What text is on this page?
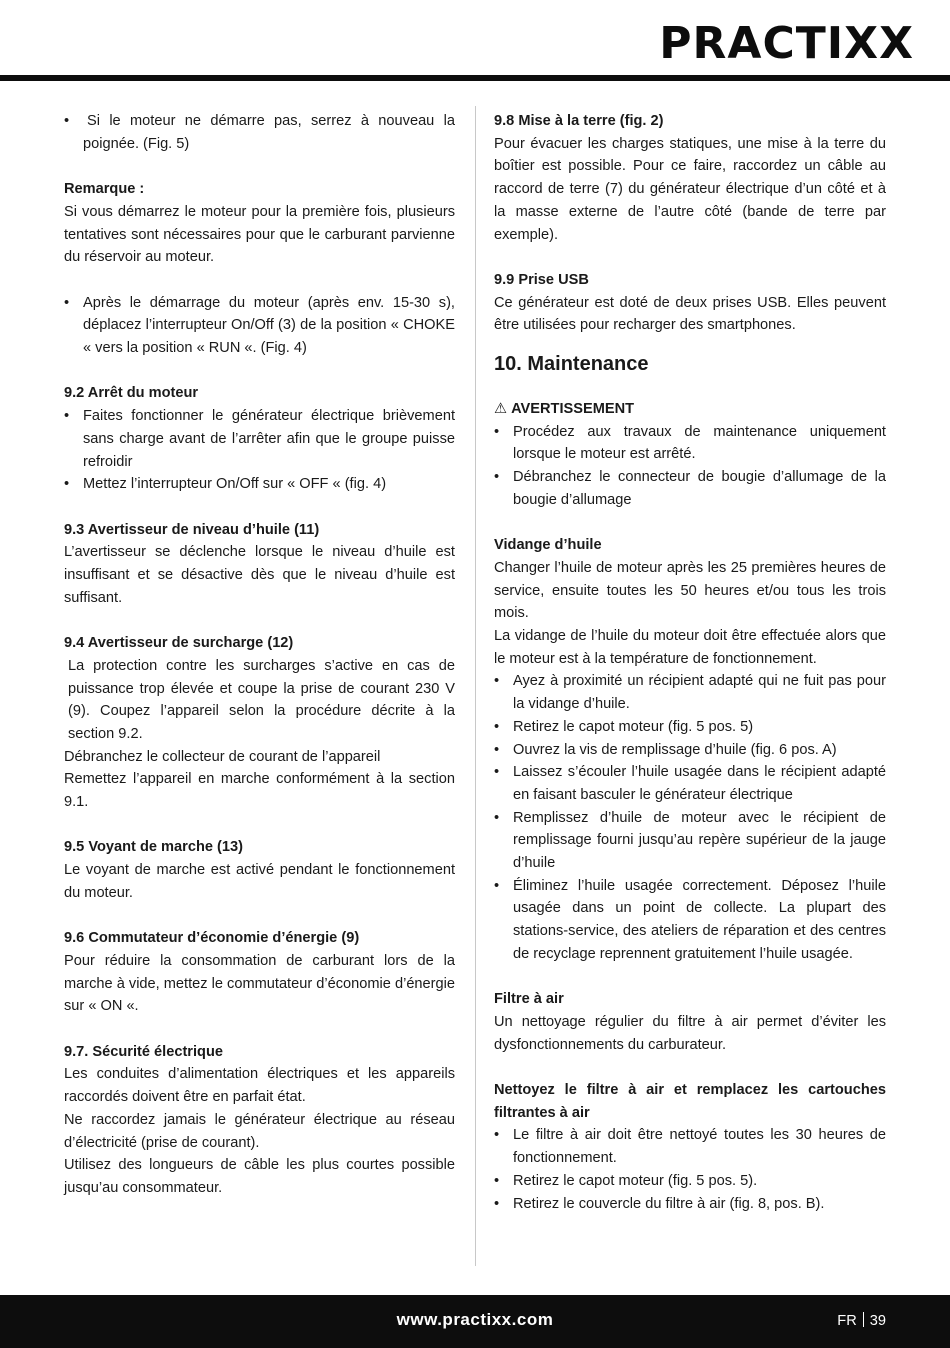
PRACTIXX
• Si le moteur ne démarre pas, serrez à nouveau la poignée. (Fig. 5)

Remarque :

Si vous démarrez le moteur pour la première fois, plusieurs tentatives sont nécessaires pour que le carburant parvienne du réservoir au moteur.

• Après le démarrage du moteur (après env. 15-30 s), déplacez l’interrupteur On/Off (3) de la position « CHOKE « vers la position « RUN «. (Fig. 4)

9.2 Arrêt du moteur

• Faites fonctionner le générateur électrique brièvement sans charge avant de l’arrêter afin que le groupe puisse refroidir
• Mettez l’interrupteur On/Off sur « OFF « (fig. 4)

9.3 Avertisseur de niveau d’huile (11)

L’avertisseur se déclenche lorsque le niveau d’huile est insuffisant et se désactive dès que le niveau d’huile est suffisant.

9.4 Avertisseur de surcharge (12)

La protection contre les surcharges s’active en cas de puissance trop élevée et coupe la prise de courant 230 V (9). Coupez l’appareil selon la procédure décrite à la section 9.2.

Débranchez le collecteur de courant de l’appareil

Remettez l’appareil en marche conformément à la section 9.1.

9.5 Voyant de marche (13)

Le voyant de marche est activé pendant le fonctionnement du moteur.

9.6 Commutateur d’économie d’énergie (9)

Pour réduire la consommation de carburant lors de la marche à vide, mettez le commutateur d’économie d’énergie sur « ON «.

9.7. Sécurité électrique

Les conduites d’alimentation électriques et les appareils raccordés doivent être en parfait état.

Ne raccordez jamais le générateur électrique au réseau d’électricité (prise de courant).

Utilisez des longueurs de câble les plus courtes possible jusqu’au consommateur.

9.8 Mise à la terre (fig. 2)

Pour évacuer les charges statiques, une mise à la terre du boîtier est possible. Pour ce faire, raccordez un câble au raccord de terre (7) du générateur électrique d’un côté et à la masse externe de l’autre côté (bande de terre par exemple).

9.9 Prise USB

Ce générateur est doté de deux prises USB. Elles peuvent être utilisées pour recharger des smartphones.

10. Maintenance

⚠ AVERTISSEMENT

• Procédez aux travaux de maintenance uniquement lorsque le moteur est arrêté.
• Débranchez le connecteur de bougie d’allumage de la bougie d’allumage

Vidange d’huile

Changer l’huile de moteur après les 25 premières heures de service, ensuite toutes les 50 heures et/ou tous les trois mois.

La vidange de l’huile du moteur doit être effectuée alors que le moteur est à la température de fonctionnement.

• Ayez à proximité un récipient adapté qui ne fuit pas pour la vidange d’huile.
• Retirez le capot moteur (fig. 5 pos. 5)
• Ouvrez la vis de remplissage d’huile (fig. 6 pos. A)
• Laissez s’écouler l’huile usagée dans le récipient adapté en faisant basculer le générateur électrique
• Remplissez d’huile de moteur avec le récipient de remplissage fourni jusqu’au repère supérieur de la jauge d’huile
• Éliminez l’huile usagée correctement. Déposez l’huile usagée dans un point de collecte. La plupart des stations-service, des ateliers de réparation et des centres de recyclage reprennent gratuitement l’huile usagée.

Filtre à air

Un nettoyage régulier du filtre à air permet d’éviter les dysfonctionnements du carburateur.

Nettoyez le filtre à air et remplacez les cartouches filtrantes à air

• Le filtre à air doit être nettoyé toutes les 30 heures de fonctionnement.
• Retirez le capot moteur (fig. 5 pos. 5).
• Retirez le couvercle du filtre à air (fig. 8, pos. B).
www.practixx.com	FR 39
